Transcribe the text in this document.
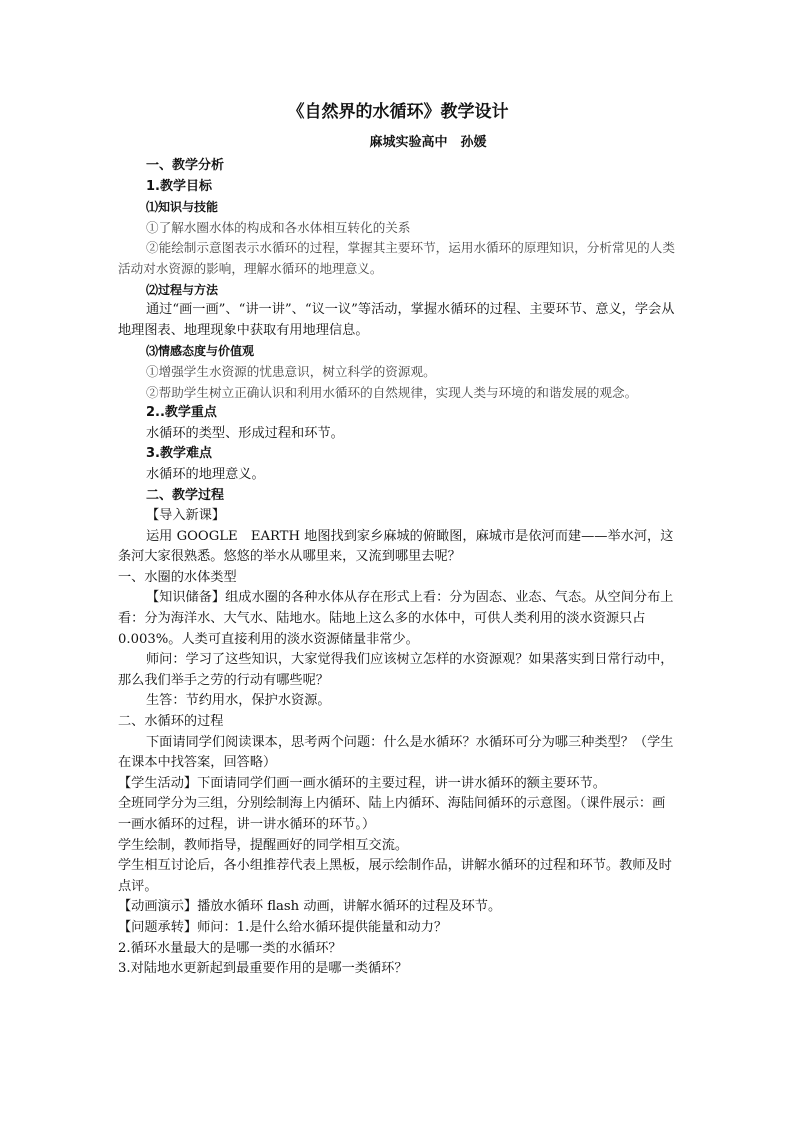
《自然界的水循环》教学设计
麻城实验高中　孙媛

一、教学分析

1.教学目标

⑴知识与技能

①了解水圈水体的构成和各水体相互转化的关系

②能绘制示意图表示水循环的过程，掌握其主要环节，运用水循环的原理知识，分析常见的人类活动对水资源的影响，理解水循环的地理意义。

⑵过程与方法

通过“画一画”、“讲一讲”、“议一议”等活动，掌握水循环的过程、主要环节、意义，学会从地理图表、地理现象中获取有用地理信息。

⑶情感态度与价值观

①增强学生水资源的忧患意识，树立科学的资源观。

②帮助学生树立正确认识和利用水循环的自然规律，实现人类与环境的和谐发展的观念。

2..教学重点

水循环的类型、形成过程和环节。

3.教学难点

水循环的地理意义。

二、教学过程

【导入新课】

运用 GOOGLE　EARTH 地图找到家乡麻城的俯瞰图，麻城市是依河而建——举水河，这条河大家很熟悉。悠悠的举水从哪里来，又流到哪里去呢？

一、水圈的水体类型

【知识储备】组成水圈的各种水体从存在形式上看：分为固态、业态、气态。从空间分布上看：分为海洋水、大气水、陆地水。陆地上这么多的水体中，可供人类利用的淡水资源只占 0.003%。人类可直接利用的淡水资源储量非常少。

师问：学习了这些知识，大家觉得我们应该树立怎样的水资源观？如果落实到日常行动中，那么我们举手之劳的行动有哪些呢？

生答：节约用水，保护水资源。

二、水循环的过程

下面请同学们阅读课本，思考两个问题：什么是水循环？水循环可分为哪三种类型？（学生在课本中找答案，回答略）

【学生活动】下面请同学们画一画水循环的主要过程，讲一讲水循环的额主要环节。

全班同学分为三组，分别绘制海上内循环、陆上内循环、海陆间循环的示意图。（课件展示：画一画水循环的过程，讲一讲水循环的环节。）

学生绘制，教师指导，提醒画好的同学相互交流。

学生相互讨论后，各小组推荐代表上黑板，展示绘制作品，讲解水循环的过程和环节。教师及时点评。

【动画演示】播放水循环 flash 动画，讲解水循环的过程及环节。

【问题承转】师问：1.是什么给水循环提供能量和动力？

2.循环水量最大的是哪一类的水循环？

3.对陆地水更新起到最重要作用的是哪一类循环？
